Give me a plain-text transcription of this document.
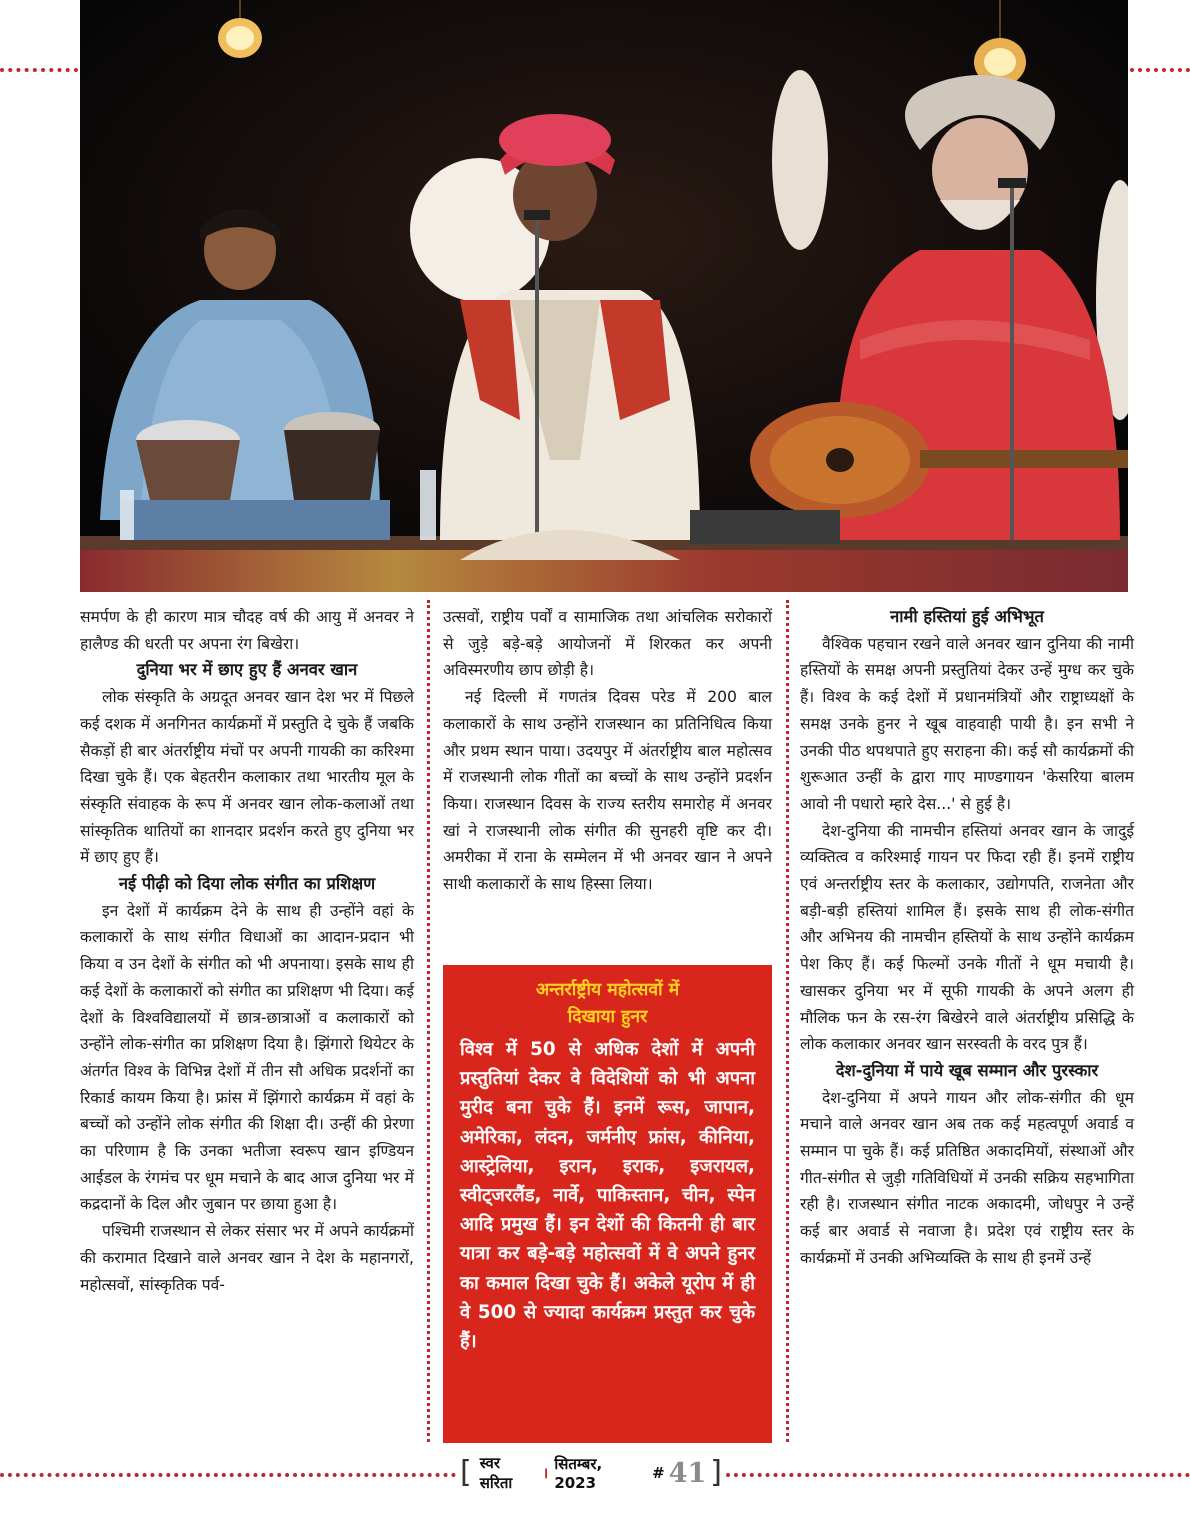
समर्पण के ही कारण मात्र चौदह वर्ष की आयु में अनवर ने हालैण्ड की धरती पर अपना रंग बिखेरा।

दुनिया भर में छाए हुए हैं अनवर खान

लोक संस्कृति के अग्रदूत अनवर खान देश भर में पिछले कई दशक में अनगिनत कार्यक्रमों में प्रस्तुति दे चुके हैं जबकि सैकड़ों ही बार अंतर्राष्ट्रीय मंचों पर अपनी गायकी का करिश्मा दिखा चुके हैं। एक बेहतरीन कलाकार तथा भारतीय मूल के संस्कृति संवाहक के रूप में अनवर खान लोक-कलाओं तथा सांस्कृतिक थातियों का शानदार प्रदर्शन करते हुए दुनिया भर में छाए हुए हैं।

नई पीढ़ी को दिया लोक संगीत का प्रशिक्षण

इन देशों में कार्यक्रम देने के साथ ही उन्होंने वहां के कलाकारों के साथ संगीत विधाओं का आदान-प्रदान भी किया व उन देशों के संगीत को भी अपनाया। इसके साथ ही कई देशों के कलाकारों को संगीत का प्रशिक्षण भी दिया। कई देशों के विश्वविद्यालयों में छात्र-छात्राओं व कलाकारों को उन्होंने लोक-संगीत का प्रशिक्षण दिया है। झिंगारो थियेटर के अंतर्गत विश्व के विभिन्न देशों में तीन सौ अधिक प्रदर्शनों का रिकार्ड कायम किया है। फ्रांस में झिंगारो कार्यक्रम में वहां के बच्चों को उन्होंने लोक संगीत की शिक्षा दी। उन्हीं की प्रेरणा का परिणाम है कि उनका भतीजा स्वरूप खान इण्डियन आईडल के रंगमंच पर धूम मचाने के बाद आज दुनिया भर में कद्रदानों के दिल और जुबान पर छाया हुआ है।

पश्चिमी राजस्थान से लेकर संसार भर में अपने कार्यक्रमों की करामात दिखाने वाले अनवर खान ने देश के महानगरों, महोत्सवों, सांस्कृतिक पर्व-

उत्सवों, राष्ट्रीय पर्वों व सामाजिक तथा आंचलिक सरोकारों से जुड़े बड़े-बड़े आयोजनों में शिरकत कर अपनी अविस्मरणीय छाप छोड़ी है।

नई दिल्ली में गणतंत्र दिवस परेड में 200 बाल कलाकारों के साथ उन्होंने राजस्थान का प्रतिनिधित्व किया और प्रथम स्थान पाया। उदयपुर में अंतर्राष्ट्रीय बाल महोत्सव में राजस्थानी लोक गीतों का बच्चों के साथ उन्होंने प्रदर्शन किया। राजस्थान दिवस के राज्य स्तरीय समारोह में अनवर खां ने राजस्थानी लोक संगीत की सुनहरी वृष्टि कर दी। अमरीका में राना के सम्मेलन में भी अनवर खान ने अपने साथी कलाकारों के साथ हिस्सा लिया।

अन्तर्राष्ट्रीय महोत्सवों में
दिखाया हुनर

विश्व में 50 से अधिक देशों में अपनी प्रस्तुतियां देकर वे विदेशियों को भी अपना मुरीद बना चुके हैं। इनमें रूस, जापान, अमेरिका, लंदन, जर्मनीए फ्रांस, कीनिया, आस्ट्रेलिया, इरान, इराक, इजरायल, स्वीट्जरलैंड, नार्वे, पाकिस्तान, चीन, स्पेन आदि प्रमुख हैं। इन देशों की कितनी ही बार यात्रा कर बड़े-बड़े महोत्सवों में वे अपने हुनर का कमाल दिखा चुके हैं। अकेले यूरोप में ही वे 500 से ज्यादा कार्यक्रम प्रस्तुत कर चुके हैं।

नामी हस्तियां हुई अभिभूत

वैश्विक पहचान रखने वाले अनवर खान दुनिया की नामी हस्तियों के समक्ष अपनी प्रस्तुतियां देकर उन्हें मुग्ध कर चुके हैं। विश्व के कई देशों में प्रधानमंत्रियों और राष्ट्राध्यक्षों के समक्ष उनके हुनर ने खूब वाहवाही पायी है। इन सभी ने उनकी पीठ थपथपाते हुए सराहना की। कई सौ कार्यक्रमों की शुरूआत उन्हीं के द्वारा गाए माण्डगायन 'केसरिया बालम आवो नी पधारो म्हारे देस...' से हुई है।

देश-दुनिया की नामचीन हस्तियां अनवर खान के जादुई व्यक्तित्व व करिश्माई गायन पर फिदा रही हैं। इनमें राष्ट्रीय एवं अन्तर्राष्ट्रीय स्तर के कलाकार, उद्योगपति, राजनेता और बड़ी-बड़ी हस्तियां शामिल हैं। इसके साथ ही लोक-संगीत और अभिनय की नामचीन हस्तियों के साथ उन्होंने कार्यक्रम पेश किए हैं। कई फिल्मों उनके गीतों ने धूम मचायी है। खासकर दुनिया भर में सूफी गायकी के अपने अलग ही मौलिक फन के रस-रंग बिखेरने वाले अंतर्राष्ट्रीय प्रसिद्धि के लोक कलाकार अनवर खान सरस्वती के वरद पुत्र हैं।

देश-दुनिया में पाये खूब सम्मान और पुरस्कार

देश-दुनिया में अपने गायन और लोक-संगीत की धूम मचाने वाले अनवर खान अब तक कई महत्वपूर्ण अवार्ड व सम्मान पा चुके हैं। कई प्रतिष्ठित अकादमियों, संस्थाओं और गीत-संगीत से जुड़ी गतिविधियों में उनकी सक्रिय सहभागिता रही है। राजस्थान संगीत नाटक अकादमी, जोधपुर ने उन्हें कई बार अवार्ड से नवाजा है। प्रदेश एवं राष्ट्रीय स्तर के कार्यक्रमों में उनकी अभिव्यक्ति के साथ ही इनमें उन्हें

[ स्वर सरिता
। सितम्बर, 2023
# 41 ]
